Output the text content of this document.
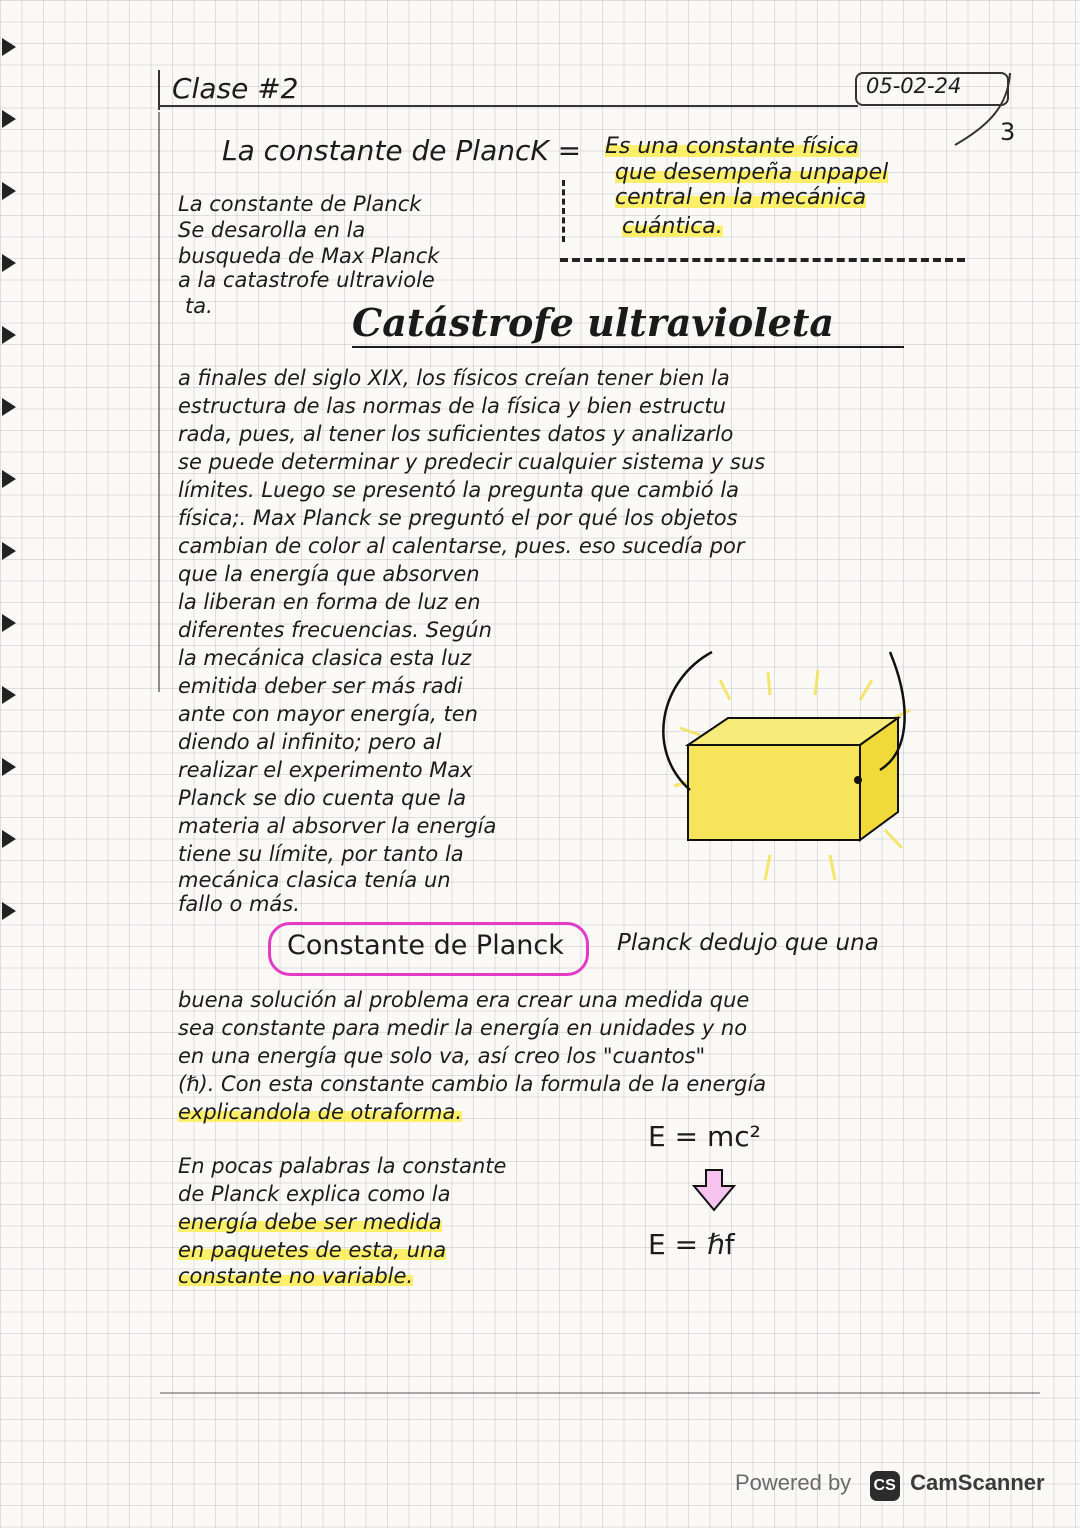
Clase #2	05-02-24
3
La constante de PlancK = Es una constante física
que desempeña unpapel
central en la mecánica
cuántica.
La constante de Planck
Se desarolla en la
busqueda de Max Planck
a la catastrofe ultraviole
ta.	Catástrofe ultravioleta
a finales del siglo XIX, los físicos creían tener bien la
estructura de las normas de la física y bien estructu
rada, pues, al tener los suficientes datos y analizarlo
se puede determinar y predecir cualquier sistema y sus
límites. Luego se presentó la pregunta que cambió la
física;. Max Planck se preguntó el por qué los objetos
cambian de color al calentarse, pues. eso sucedía por
que la energía que absorven
la liberan en forma de luz en
diferentes frecuencias. Según
la mecánica clasica esta luz
emitida deber ser más radi
ante con mayor energía, ten
diendo al infinito; pero al
realizar el experimento Max
Planck se dio cuenta que la
materia al absorver la energía
tiene su límite, por tanto la
mecánica clasica tenía un
fallo o más.
Constante de Planck Planck dedujo que una
buena solución al problema era crear una medida que
sea constante para medir la energía en unidades y no
en una energía que solo va, así creo los "cuantos"
(ℏ). Con esta constante cambio la formula de la energía
explicandola de otraforma.
En pocas palabras la constante
de Planck explica como la
energía debe ser medida
en paquetes de esta, una
constante no variable.
E = mc²
E = ℏf
Powered by CS CamScanner
